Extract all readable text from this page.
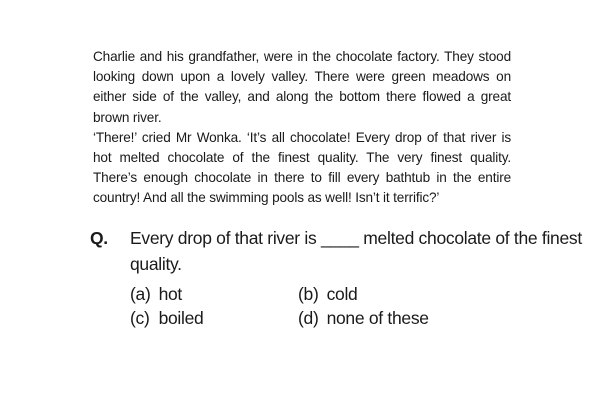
Charlie and his grandfather, were in the chocolate factory. They stood
looking down upon a lovely valley. There were green meadows on
either side of the valley, and along the bottom there flowed a great
brown river.
‘There!’ cried Mr Wonka. ‘It’s all chocolate! Every drop of that river is
hot melted chocolate of the finest quality. The very finest quality.
There’s enough chocolate in there to fill every bathtub in the entire
country! And all the swimming pools as well! Isn’t it terrific?’
Q. Every drop of that river is ____ melted chocolate of the finest
quality.
(a) hot	(b) cold
(c) boiled	(d) none of these
